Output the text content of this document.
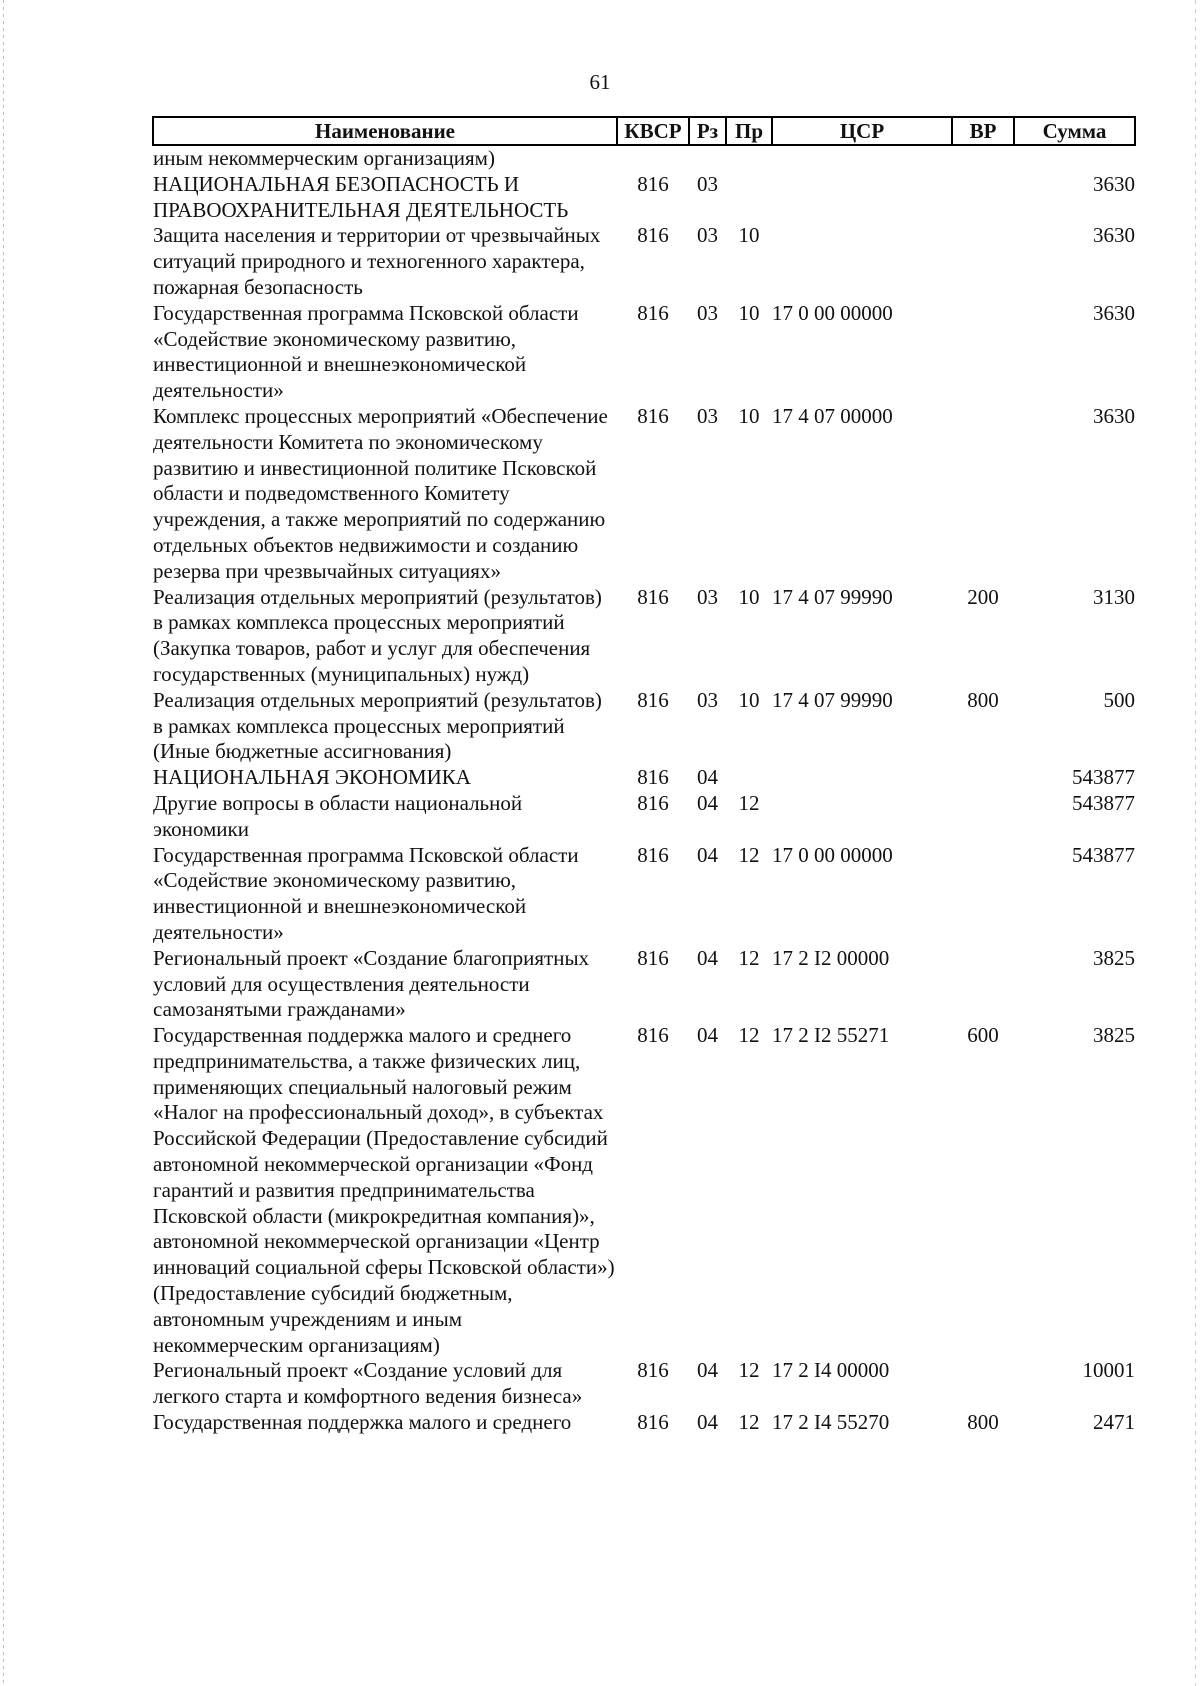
61
Наименование	КВСР	Рз	Пр	ЦСР	ВР	Сумма
иным некоммерческим организациям)						
НАЦИОНАЛЬНАЯ БЕЗОПАСНОСТЬ И ПРАВООХРАНИТЕЛЬНАЯ ДЕЯТЕЛЬНОСТЬ	816	03				3630
Защита населения и территории от чрезвычайных ситуаций природного и техногенного характера, пожарная безопасность	816	03	10			3630
Государственная программа Псковской области «Содействие экономическому развитию, инвестиционной и внешнеэкономической деятельности»	816	03	10	17 0 00 00000		3630
Комплекс процессных мероприятий «Обеспечение деятельности Комитета по экономическому развитию и инвестиционной политике Псковской области и подведомственного Комитету учреждения, а также мероприятий по содержанию отдельных объектов недвижимости и созданию резерва при чрезвычайных ситуациях»	816	03	10	17 4 07 00000		3630
Реализация отдельных мероприятий (результатов) в рамках комплекса процессных мероприятий (Закупка товаров, работ и услуг для обеспечения государственных (муниципальных) нужд)	816	03	10	17 4 07 99990	200	3130
Реализация отдельных мероприятий (результатов) в рамках комплекса процессных мероприятий (Иные бюджетные ассигнования)	816	03	10	17 4 07 99990	800	500
НАЦИОНАЛЬНАЯ ЭКОНОМИКА	816	04				543877
Другие вопросы в области национальной экономики	816	04	12			543877
Государственная программа Псковской области «Содействие экономическому развитию, инвестиционной и внешнеэкономической деятельности»	816	04	12	17 0 00 00000		543877
Региональный проект «Создание благоприятных условий для осуществления деятельности самозанятыми гражданами»	816	04	12	17 2 I2 00000		3825
Государственная поддержка малого и среднего предпринимательства, а также физических лиц, применяющих специальный налоговый режим «Налог на профессиональный доход», в субъектах Российской Федерации (Предоставление субсидий автономной некоммерческой организации «Фонд гарантий и развития предпринимательства Псковской области (микрокредитная компания)», автономной некоммерческой организации «Центр инноваций социальной сферы Псковской области») (Предоставление субсидий бюджетным, автономным учреждениям и иным некоммерческим организациям)	816	04	12	17 2 I2 55271	600	3825
Региональный проект «Создание условий для легкого старта и комфортного ведения бизнеса»	816	04	12	17 2 I4 00000		10001
Государственная поддержка малого и среднего	816	04	12	17 2 I4 55270	800	2471
